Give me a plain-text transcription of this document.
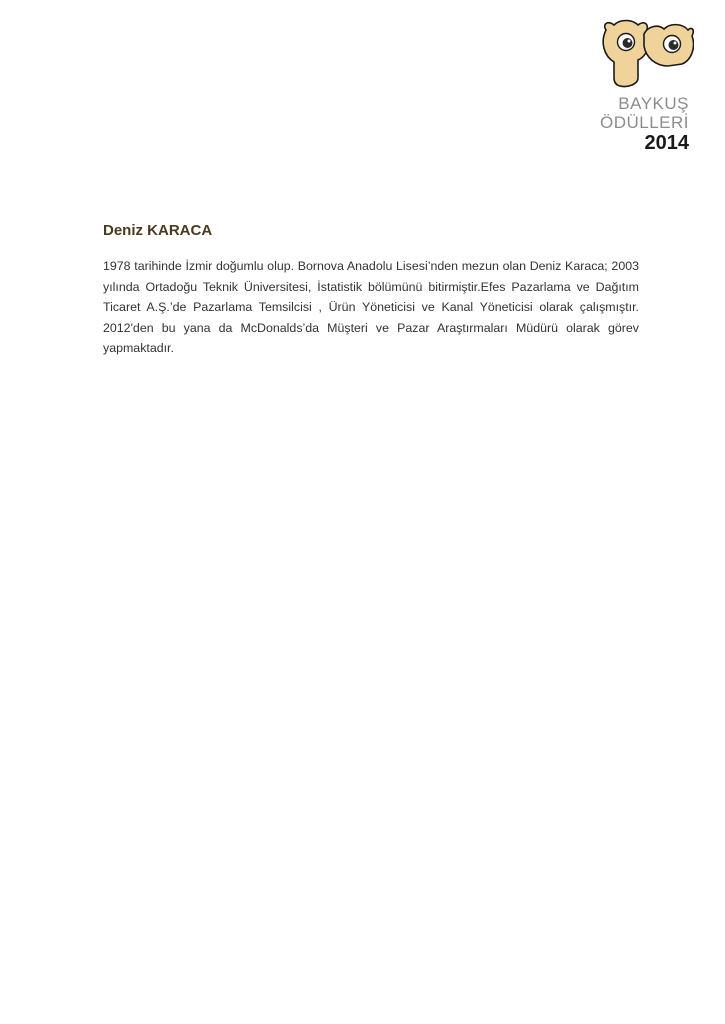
BAYKUŞ
ÖDÜLLERİ
2014
Deniz KARACA

1978 tarihinde İzmir doğumlu olup. Bornova Anadolu Lisesi’nden mezun olan Deniz Karaca; 2003 yılında Ortadoğu Teknik Üniversitesi, İstatistik bölümünü bitirmiştir.Efes Pazarlama ve Dağıtım Ticaret A.Ş.’de Pazarlama Temsilcisi , Ürün Yöneticisi ve Kanal Yöneticisi olarak çalışmıştır. 2012'den bu yana da McDonalds’da Müşteri ve Pazar Araştırmaları Müdürü olarak görev yapmaktadır.
